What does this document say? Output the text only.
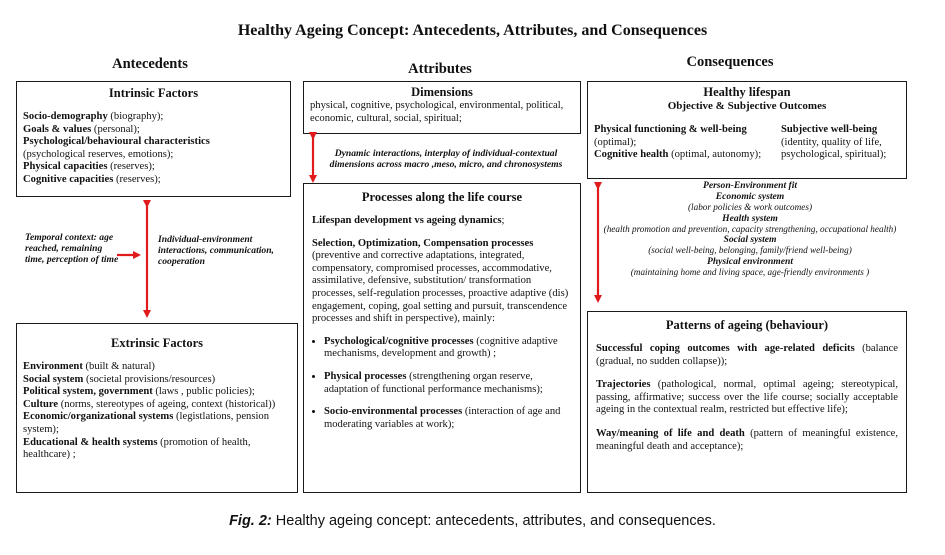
Healthy Ageing Concept: Antecedents, Attributes, and Consequences
Antecedents	Attributes	Consequences
Intrinsic Factors
Socio-demography (biography);
Goals & values (personal);
Psychological/behavioural characteristics
(psychological reserves, emotions);
Physical capacities (reserves);
Cognitive capacities (reserves);
Temporal context: age reached, remaining time, perception of time
Individual-environment interactions, communication, cooperation
Extrinsic Factors
Environment (built & natural)
Social system (societal provisions/resources)
Political system, government (laws , public policies);
Culture (norms, stereotypes of ageing, context (historical))
Economic/organizational systems (legistlations, pension system);
Educational & health systems (promotion of health, healthcare) ;
Dimensions
physical, cognitive, psychological, environmental, political, economic, cultural, social, spiritual;
Dynamic interactions, interplay of individual-contextual dimensions across macro ,meso, micro, and chronosystems
Processes along the life course
Lifespan development vs ageing dynamics;
Selection, Optimization, Compensation processes (preventive and corrective adaptations, integrated, compensatory, compromised processes, accommodative, assimilative, defensive, substitution/ transformation processes, self-regulation processes, proactive adaptive (dis) engagement, coping, goal setting and pursuit, transcendence processes and shift in perspective), mainly:
• Psychological/cognitive processes (cognitive adaptive mechanisms, development and growth) ;
• Physical processes (strengthening organ reserve, adaptation of functional performance mechanisms);
• Socio-environmental processes (interaction of age and moderating variables at work);
Healthy lifespan
Objective & Subjective Outcomes
Physical functioning & well-being
(optimal);
Cognitive health (optimal, autonomy);
Subjective well-being
(identity, quality of life, psychological, spiritual);
Person-Environment fit
Economic system
(labor policies & work outcomes)
Health system
(health promotion and prevention, capacity strengthening, occupational health)
Social system
(social well-being, belonging, family/friend well-being)
Physical environment
(maintaining home and living space, age-friendly environments )
Patterns of ageing (behaviour)
Successful coping outcomes with age-related deficits (balance (gradual, no sudden collapse));
Trajectories (pathological, normal, optimal ageing; stereotypical, passing, affirmative; success over the life course; socially acceptable ageing in the contextual realm, restricted but effective life);
Way/meaning of life and death (pattern of meaningful existence, meaningful death and acceptance);
Fig. 2: Healthy ageing concept: antecedents, attributes, and consequences.
